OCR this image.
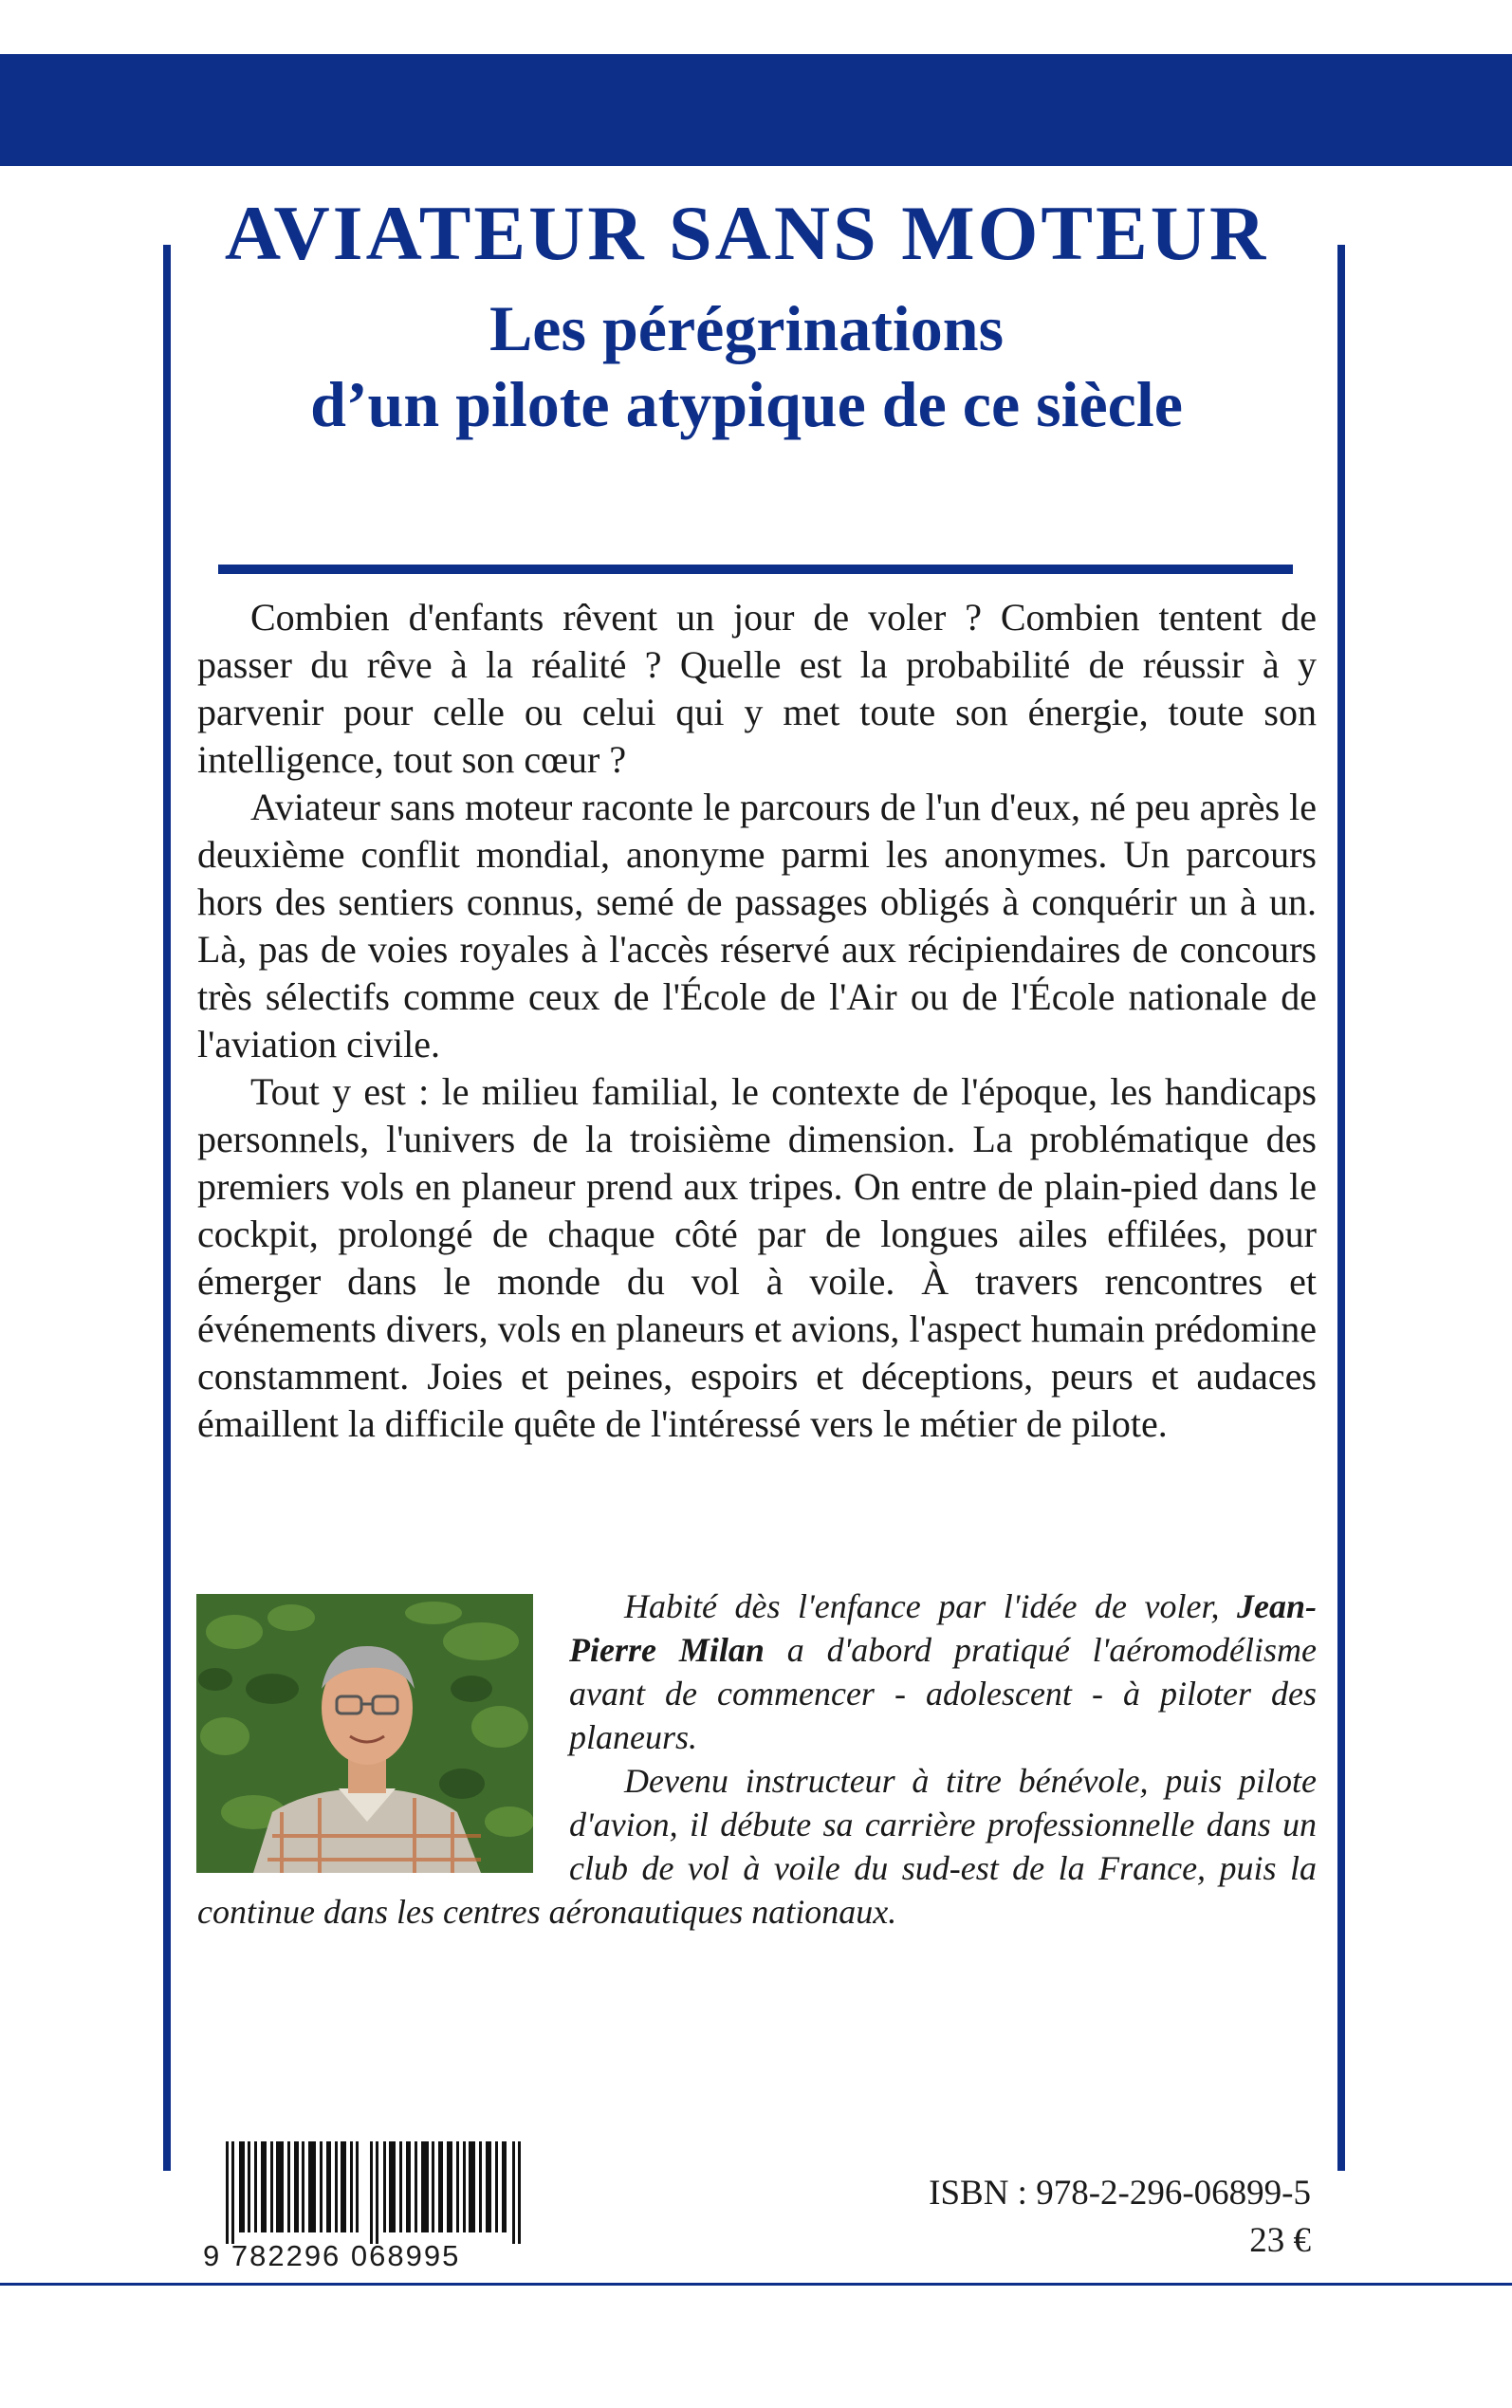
AVIATEUR SANS MOTEUR
Les pérégrinations
d’un pilote atypique de ce siècle

Combien d'enfants rêvent un jour de voler ? Combien tentent de passer du rêve à la réalité ? Quelle est la probabilité de réussir à y parvenir pour celle ou celui qui y met toute son énergie, toute son intelligence, tout son cœur ?

Aviateur sans moteur raconte le parcours de l'un d'eux, né peu après le deuxième conflit mondial, anonyme parmi les anonymes. Un parcours hors des sentiers connus, semé de passages obligés à conquérir un à un. Là, pas de voies royales à l'accès réservé aux récipiendaires de concours très sélectifs comme ceux de l'École de l'Air ou de l'École nationale de l'aviation civile.

Tout y est : le milieu familial, le contexte de l'époque, les handicaps personnels, l'univers de la troisième dimension. La problématique des premiers vols en planeur prend aux tripes. On entre de plain-pied dans le cockpit, prolongé de chaque côté par de longues ailes effilées, pour émerger dans le monde du vol à voile. À travers rencontres et événements divers, vols en planeurs et avions, l'aspect humain prédomine constamment. Joies et peines, espoirs et déceptions, peurs et audaces émaillent la difficile quête de l'intéressé vers le métier de pilote.

Habité dès l'enfance par l'idée de voler, Jean-Pierre Milan a d'abord pratiqué l'aéromodélisme avant de commencer - adolescent - à piloter des planeurs.

Devenu instructeur à titre bénévole, puis pilote d'avion, il débute sa carrière professionnelle dans un club de vol à voile du sud-est de la France, puis la continue dans les centres aéronautiques nationaux.

9 782296 068995
ISBN : 978-2-296-06899-5
23 €
